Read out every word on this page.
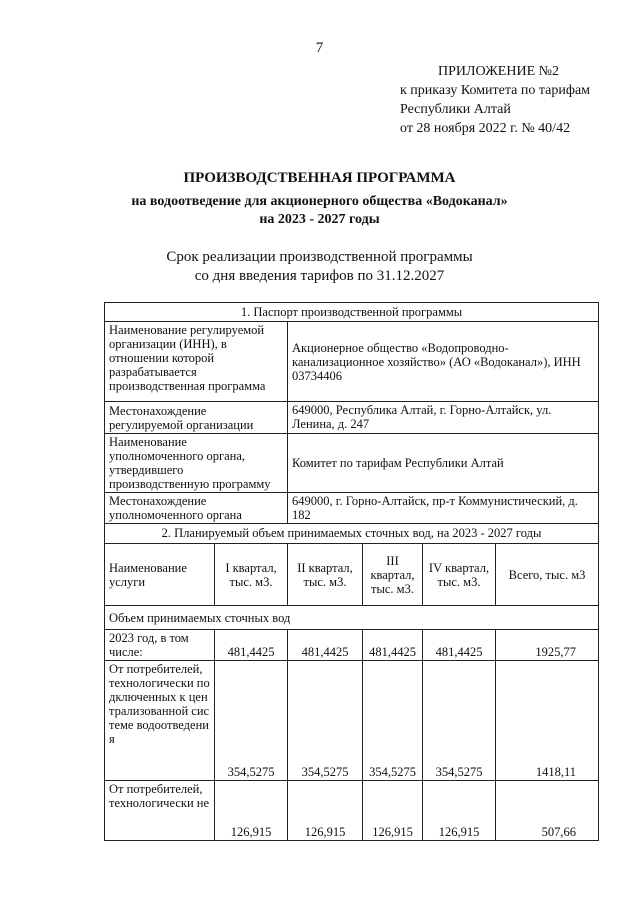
7
ПРИЛОЖЕНИЕ №2
к приказу Комитета по тарифам
Республики Алтай
от 28 ноября 2022 г. № 40/42
ПРОИЗВОДСТВЕННАЯ ПРОГРАММА
на водоотведение для акционерного общества «Водоканал»
на 2023 - 2027 годы
Срок реализации производственной программы
со дня введения тарифов по 31.12.2027
1. Паспорт производственной программы					
Наименование регулируемой организации (ИНН), в отношении которой разрабатывается производственная программа		Акционерное общество «Водопроводно-канализационное хозяйство» (АО «Водоканал»), ИНН 03734406			
Местонахождение регулируемой организации		649000, Республика Алтай, г. Горно-Алтайск, ул. Ленина, д. 247			
Наименование уполномоченного органа, утвердившего производственную программу		Комитет по тарифам Республики Алтай			
Местонахождение уполномоченного органа		649000, г. Горно-Алтайск, пр-т Коммунистический, д. 182			
2. Планируемый объем принимаемых сточных вод, на 2023 - 2027 годы					
Наименование услуги	I квартал, тыс. м3.	II квартал, тыс. м3.	III квартал, тыс. м3.	IV квартал, тыс. м3.	Всего, тыс. м3
Объем принимаемых сточных вод					
2023 год, в том числе:	481,4425	481,4425	481,4425	481,4425	1925,77
От потребителей, технологически подключенных к централизованной системе водоотведения	354,5275	354,5275	354,5275	354,5275	1418,11
От потребителей, технологически не	126,915	126,915	126,915	126,915	507,66
